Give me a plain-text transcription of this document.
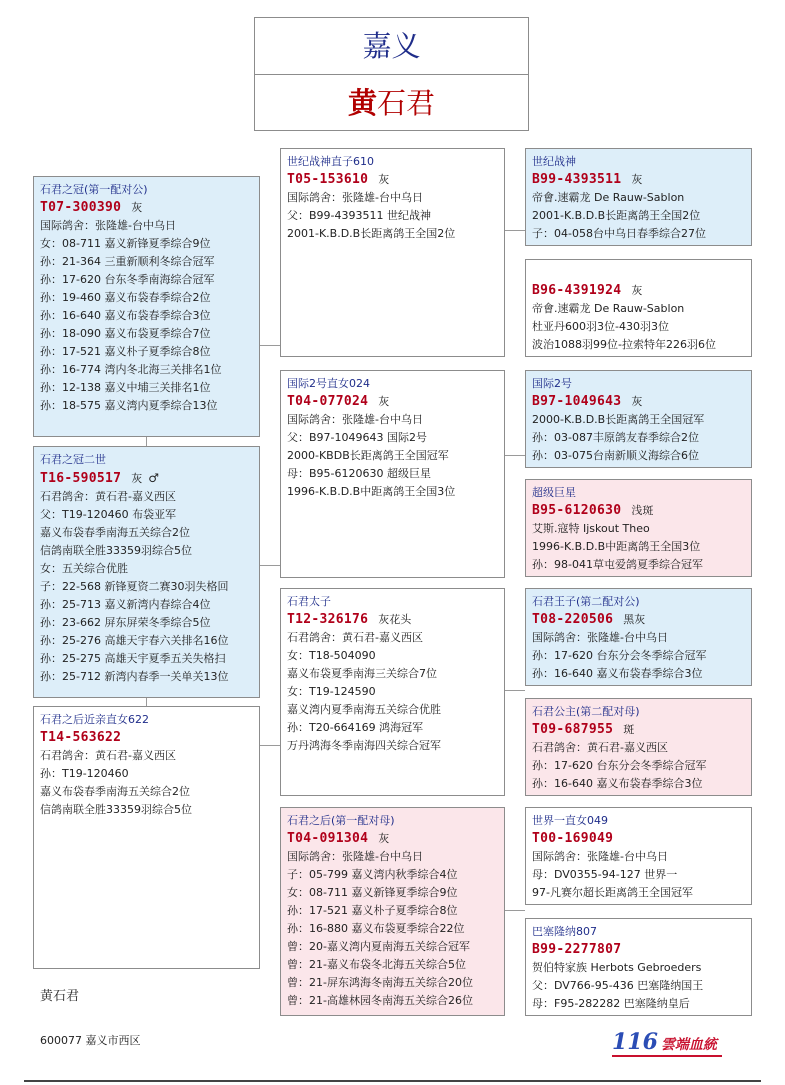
嘉义
黄石君
石君之冠(第一配对公)
T07-300390 灰
国际鸽舍：张隆雄-台中乌日
女：08-711 嘉义新锋夏季综合9位
孙：21-364 三重新顺利冬综合冠军
孙：17-620 台东冬季南海综合冠军
孙：19-460 嘉义布袋春季综合2位
孙：16-640 嘉义布袋春季综合3位
孙：18-090 嘉义布袋夏季综合7位
孙：17-521 嘉义朴子夏季综合8位
孙：16-774 湾内冬北海三关排名1位
孙：12-138 嘉义中埔三关排名1位
孙：18-575 嘉义湾内夏季综合13位
石君之冠二世
T16-590517 灰 ♂
石君鸽舍：黄石君-嘉义西区
父：T19-120460 布袋亚军
嘉义布袋春季南海五关综合2位
信鸽南联全胜33359羽综合5位
女：五关综合优胜
子：22-568 新锋夏资二赛30羽失格回
孙：25-713 嘉义新湾内春综合4位
孙：23-662 屏东屏荣冬季综合5位
孙：25-276 高雄天宇春六关排名16位
孙：25-275 高雄天宇夏季五关失格扫
孙：25-712 新湾内春季一关单关13位
石君之后近亲直女622
T14-563622
石君鸽舍：黄石君-嘉义西区
孙：T19-120460
嘉义布袋春季南海五关综合2位
信鸽南联全胜33359羽综合5位
世纪战神直子610
T05-153610 灰
国际鸽舍：张隆雄-台中乌日
父：B99-4393511 世纪战神
2001-K.B.D.B长距离鸽王全国2位
国际2号直女024
T04-077024 灰
国际鸽舍：张隆雄-台中乌日
父：B97-1049643 国际2号
2000-KBDB长距离鸽王全国冠军
母：B95-6120630 超级巨星
1996-K.B.D.B中距离鸽王全国3位
石君太子
T12-326176 灰花头
石君鸽舍：黄石君-嘉义西区
女：T18-504090
嘉义布袋夏季南海三关综合7位
女：T19-124590
嘉义湾内夏季南海五关综合优胜
孙：T20-664169 鸿海冠军
万丹鸿海冬季南海四关综合冠军
石君之后(第一配对母)
T04-091304 灰
国际鸽舍：张隆雄-台中乌日
子：05-799 嘉义湾内秋季综合4位
女：08-711 嘉义新锋夏季综合9位
孙：17-521 嘉义朴子夏季综合8位
孙：16-880 嘉义布袋夏季综合22位
曾：20-嘉义湾内夏南海五关综合冠军
曾：21-嘉义布袋冬北海五关综合5位
曾：21-屏东鸿海冬南海五关综合20位
曾：21-高雄林园冬南海五关综合26位
世纪战神
B99-4393511 灰
帝會.速霸龙 De Rauw-Sablon
2001-K.B.D.B长距离鸽王全国2位
子：04-058台中乌日春季综合27位
B96-4391924 灰
帝會.速霸龙 De Rauw-Sablon
杜亚丹600羽3位-430羽3位
波治1088羽99位-拉索特年226羽6位
国际2号
B97-1049643 灰
2000-K.B.D.B长距离鸽王全国冠军
孙：03-087丰原鸽友春季综合2位
孙：03-075台南新顺义海综合6位
超级巨星
B95-6120630 浅斑
艾斯.寇特 Ijskout Theo
1996-K.B.D.B中距离鸽王全国3位
孙：98-041草屯爱鸽夏季综合冠军
石君王子(第二配对公)
T08-220506 黑灰
国际鸽舍：张隆雄-台中乌日
孙：17-620 台东分会冬季综合冠军
孙：16-640 嘉义布袋春季综合3位
石君公主(第二配对母)
T09-687955 斑
石君鸽舍：黄石君-嘉义西区
孙：17-620 台东分会冬季综合冠军
孙：16-640 嘉义布袋春季综合3位
世界一直女049
T00-169049
国际鸽舍：张隆雄-台中乌日
母：DV0355-94-127 世界一
97-凡赛尔超长距离鸽王全国冠军
巴塞隆纳807
B99-2277807
贺伯特家族 Herbots Gebroeders
父：DV766-95-436 巴塞隆纳国王
母：F95-282282 巴塞隆纳皇后
黄石君
600077 嘉义市西区	116 雲端血統
